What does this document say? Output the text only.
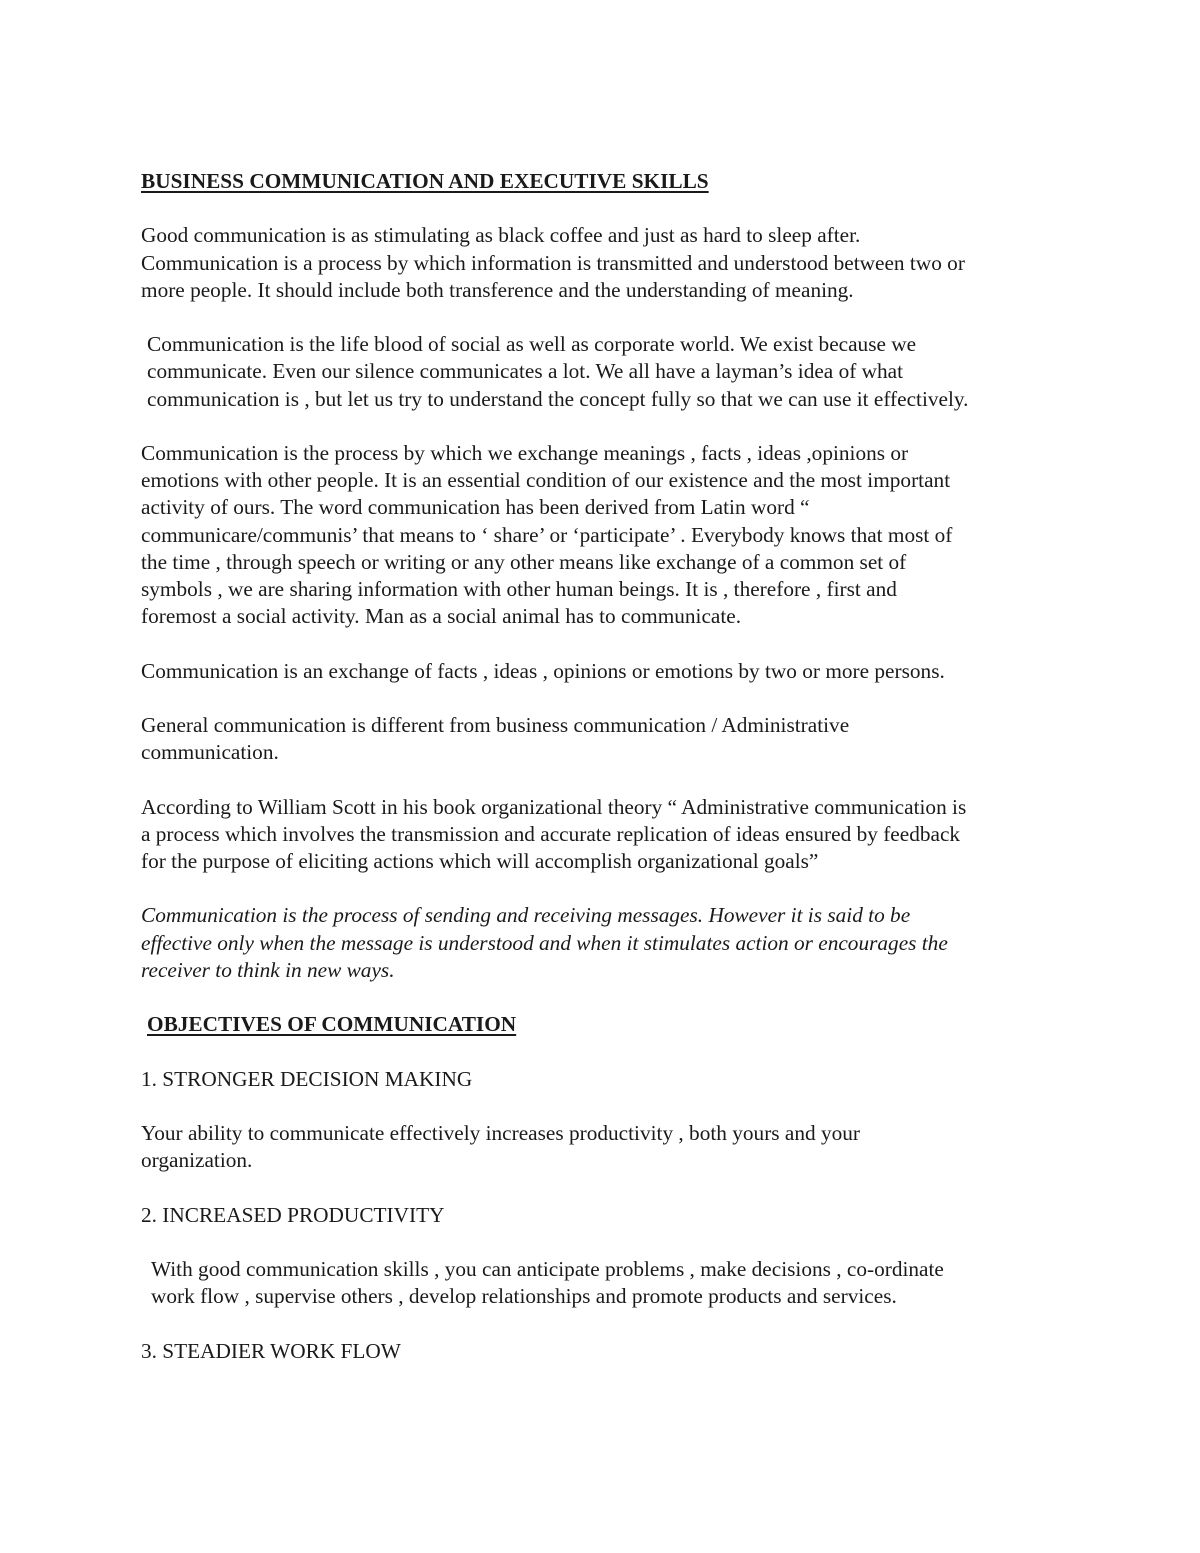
BUSINESS COMMUNICATION AND EXECUTIVE SKILLS

Good communication is as stimulating as black coffee and just as hard to sleep after.
Communication is a process by which information is transmitted and understood between two or
more people. It should include both transference and the understanding of meaning.

Communication is the life blood of social as well as corporate world. We exist because we
communicate. Even our silence communicates a lot. We all have a layman’s idea of what
communication is , but let us try to understand the concept fully so that we can use it effectively.

Communication is the process by which we exchange meanings , facts , ideas ,opinions or
emotions with other people. It is an essential condition of our existence and the most important
activity of ours. The word communication has been derived from Latin word “
communicare/communis’ that means to ‘ share’ or ‘participate’ . Everybody knows that most of
the time , through speech or writing or any other means like exchange of a common set of
symbols , we are sharing information with other human beings. It is , therefore , first and
foremost a social activity. Man as a social animal has to communicate.

Communication is an exchange of facts , ideas , opinions or emotions by two or more persons.

General communication is different from business communication / Administrative
communication.

According to William Scott in his book organizational theory “ Administrative communication is
a process which involves the transmission and accurate replication of ideas ensured by feedback
for the purpose of eliciting actions which will accomplish organizational goals”

Communication is the process of sending and receiving messages. However it is said to be
effective only when the message is understood and when it stimulates action or encourages the
receiver to think in new ways.

OBJECTIVES OF COMMUNICATION

1. STRONGER DECISION MAKING

Your ability to communicate effectively increases productivity , both yours and your
organization.

2. INCREASED PRODUCTIVITY

With good communication skills , you can anticipate problems , make decisions , co-ordinate
work flow , supervise others , develop relationships and promote products and services.

3. STEADIER WORK FLOW
